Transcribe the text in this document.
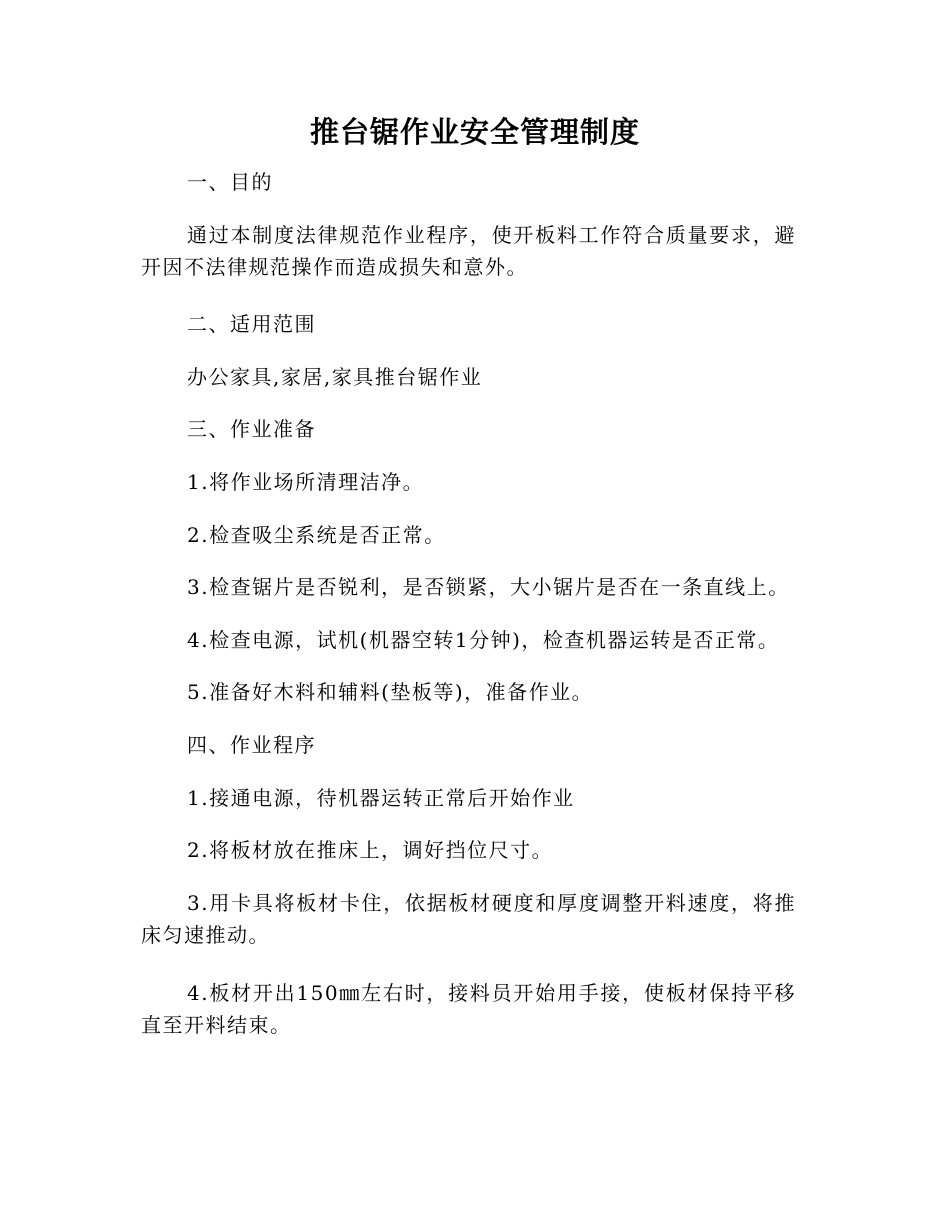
推台锯作业安全管理制度
一、目的
通过本制度法律规范作业程序，使开板料工作符合质量要求，避开因不法律规范操作而造成损失和意外。
二、适用范围
办公家具,家居,家具推台锯作业
三、作业准备
1.将作业场所清理洁净。
2.检查吸尘系统是否正常。
3.检查锯片是否锐利，是否锁紧，大小锯片是否在一条直线上。
4.检查电源，试机(机器空转1分钟)，检查机器运转是否正常。
5.准备好木料和辅料(垫板等)，准备作业。
四、作业程序
1.接通电源，待机器运转正常后开始作业
2.将板材放在推床上，调好挡位尺寸。
3.用卡具将板材卡住，依据板材硬度和厚度调整开料速度，将推床匀速推动。
4.板材开出150㎜左右时，接料员开始用手接，使板材保持平移直至开料结束。
